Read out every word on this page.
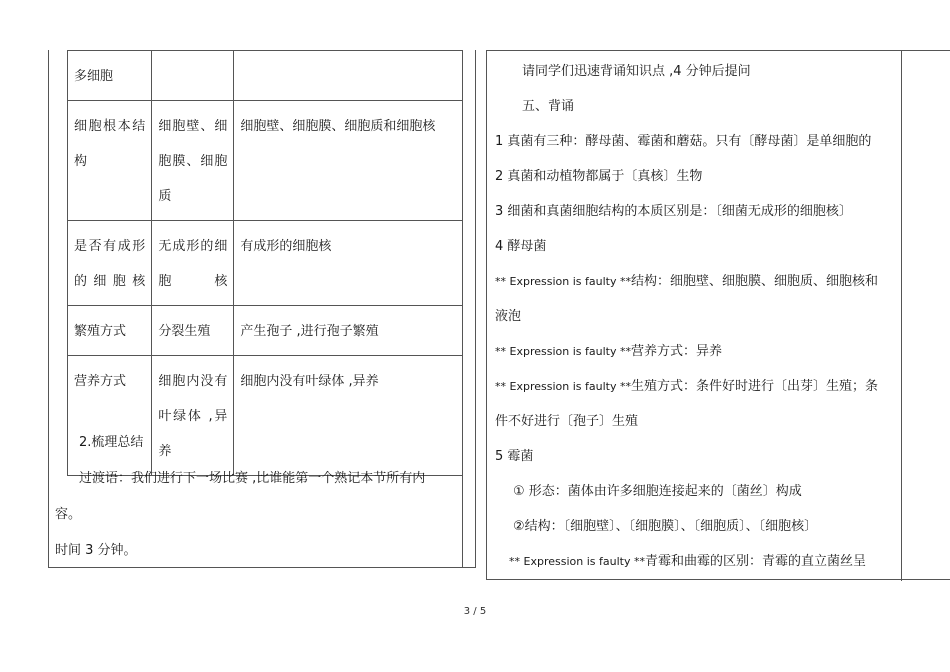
多细胞		
细胞根本结构	细胞壁、细胞膜、细胞质	细胞壁、细胞膜、细胞质和细胞核
是否有成形的细胞核	无成形的细胞核	有成形的细胞核
繁殖方式	分裂生殖	产生孢子 ,进行孢子繁殖
营养方式	细胞内没有叶绿体 ,异养	细胞内没有叶绿体 ,异养
2.梳理总结
过渡语：我们进行下一场比赛 ,比谁能第一个熟记本节所有内
容。
时间 3 分钟。
请同学们迅速背诵知识点 ,4 分钟后提问
五、背诵
1 真菌有三种：酵母菌、霉菌和蘑菇。只有〔酵母菌〕是单细胞的
2 真菌和动植物都属于〔真核〕生物
3 细菌和真菌细胞结构的本质区别是：〔细菌无成形的细胞核〕
4 酵母菌
** Expression is faulty **结构：细胞壁、细胞膜、细胞质、细胞核和
液泡
** Expression is faulty **营养方式：异养
** Expression is faulty **生殖方式：条件好时进行〔出芽〕生殖；条
件不好进行〔孢子〕生殖
5 霉菌
① 形态：菌体由许多细胞连接起来的〔菌丝〕构成
②结构：〔细胞壁〕、〔细胞膜〕、〔细胞质〕、〔细胞核〕
** Expression is faulty **青霉和曲霉的区别：青霉的直立菌丝呈
3 / 5
